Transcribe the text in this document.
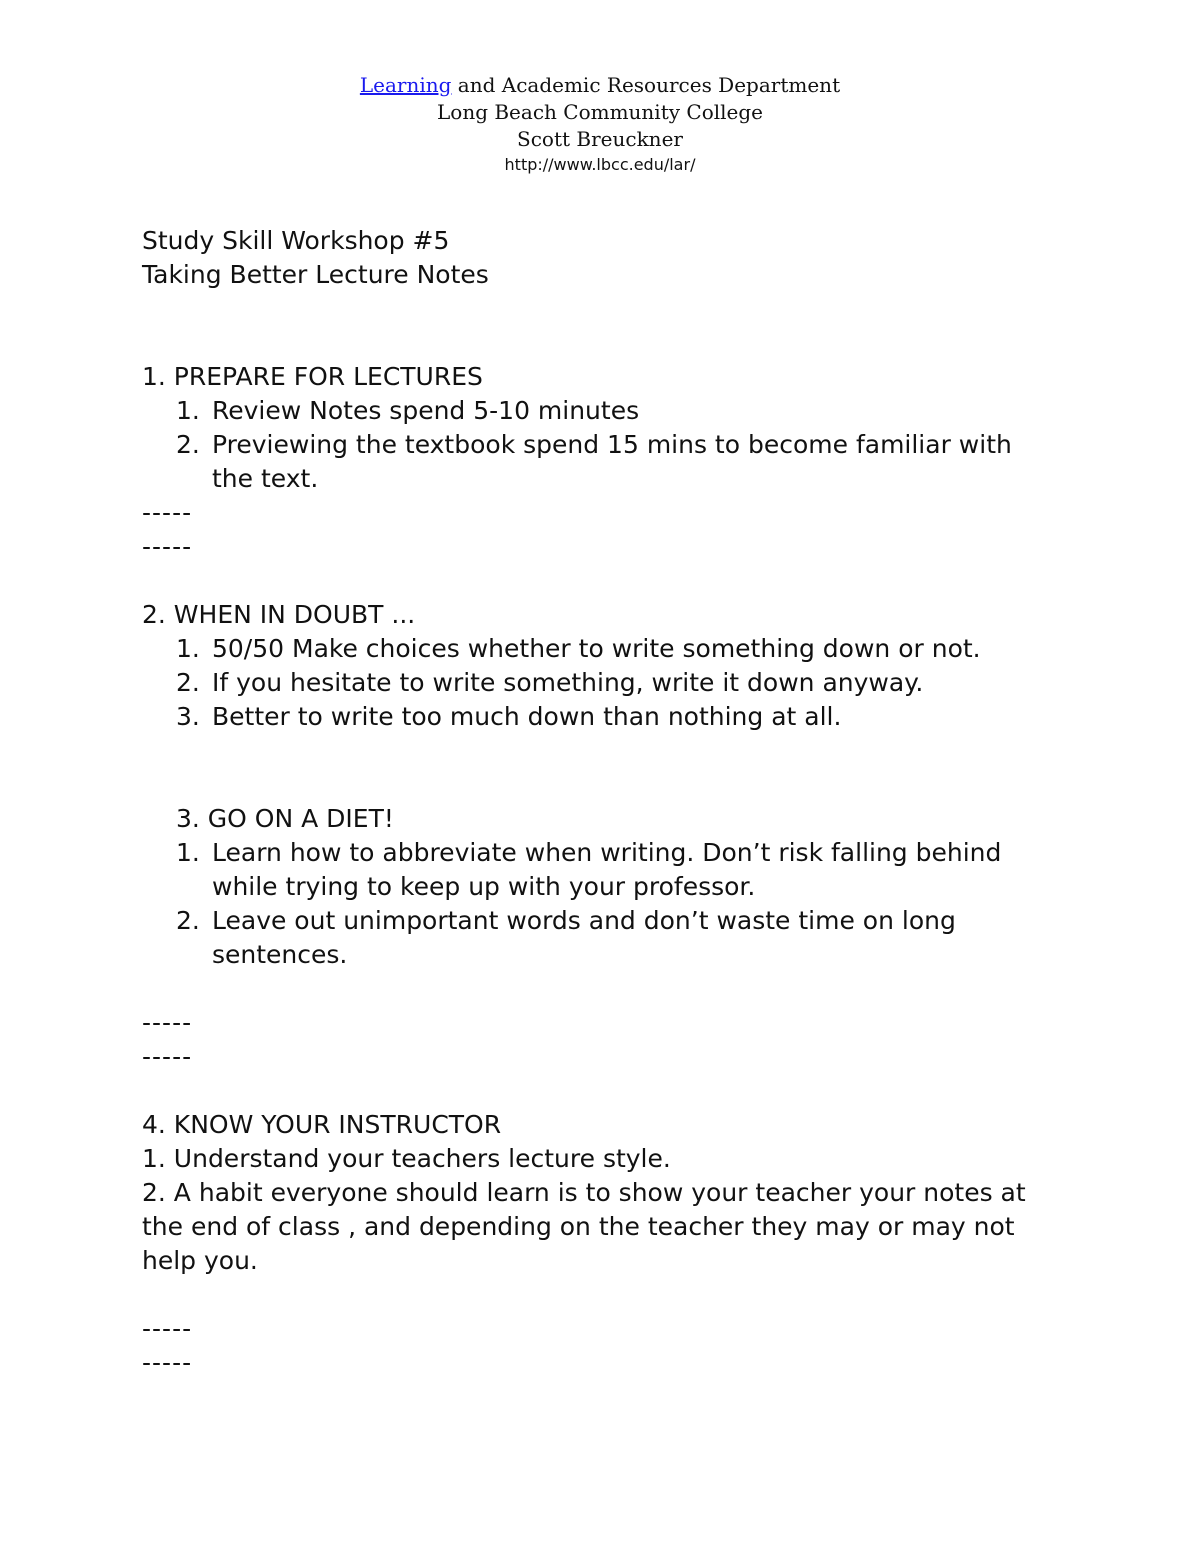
Learning and Academic Resources Department
Long Beach Community College
Scott Breuckner
http://www.lbcc.edu/lar/
Study Skill Workshop #5
Taking Better Lecture Notes
1. PREPARE FOR LECTURES
1. Review Notes spend 5-10 minutes
2. Previewing the textbook spend 15 mins to become familiar with
the text.
-----
-----
2. WHEN IN DOUBT ...
1. 50/50 Make choices whether to write something down or not.
2. If you hesitate to write something, write it down anyway.
3. Better to write too much down than nothing at all.
3. GO ON A DIET!
1. Learn how to abbreviate when writing. Don’t risk falling behind
while trying to keep up with your professor.
2. Leave out unimportant words and don’t waste time on long
sentences.
-----
-----
4. KNOW YOUR INSTRUCTOR
1. Understand your teachers lecture style.
2. A habit everyone should learn is to show your teacher your notes at
the end of class , and depending on the teacher they may or may not
help you.
-----
-----
